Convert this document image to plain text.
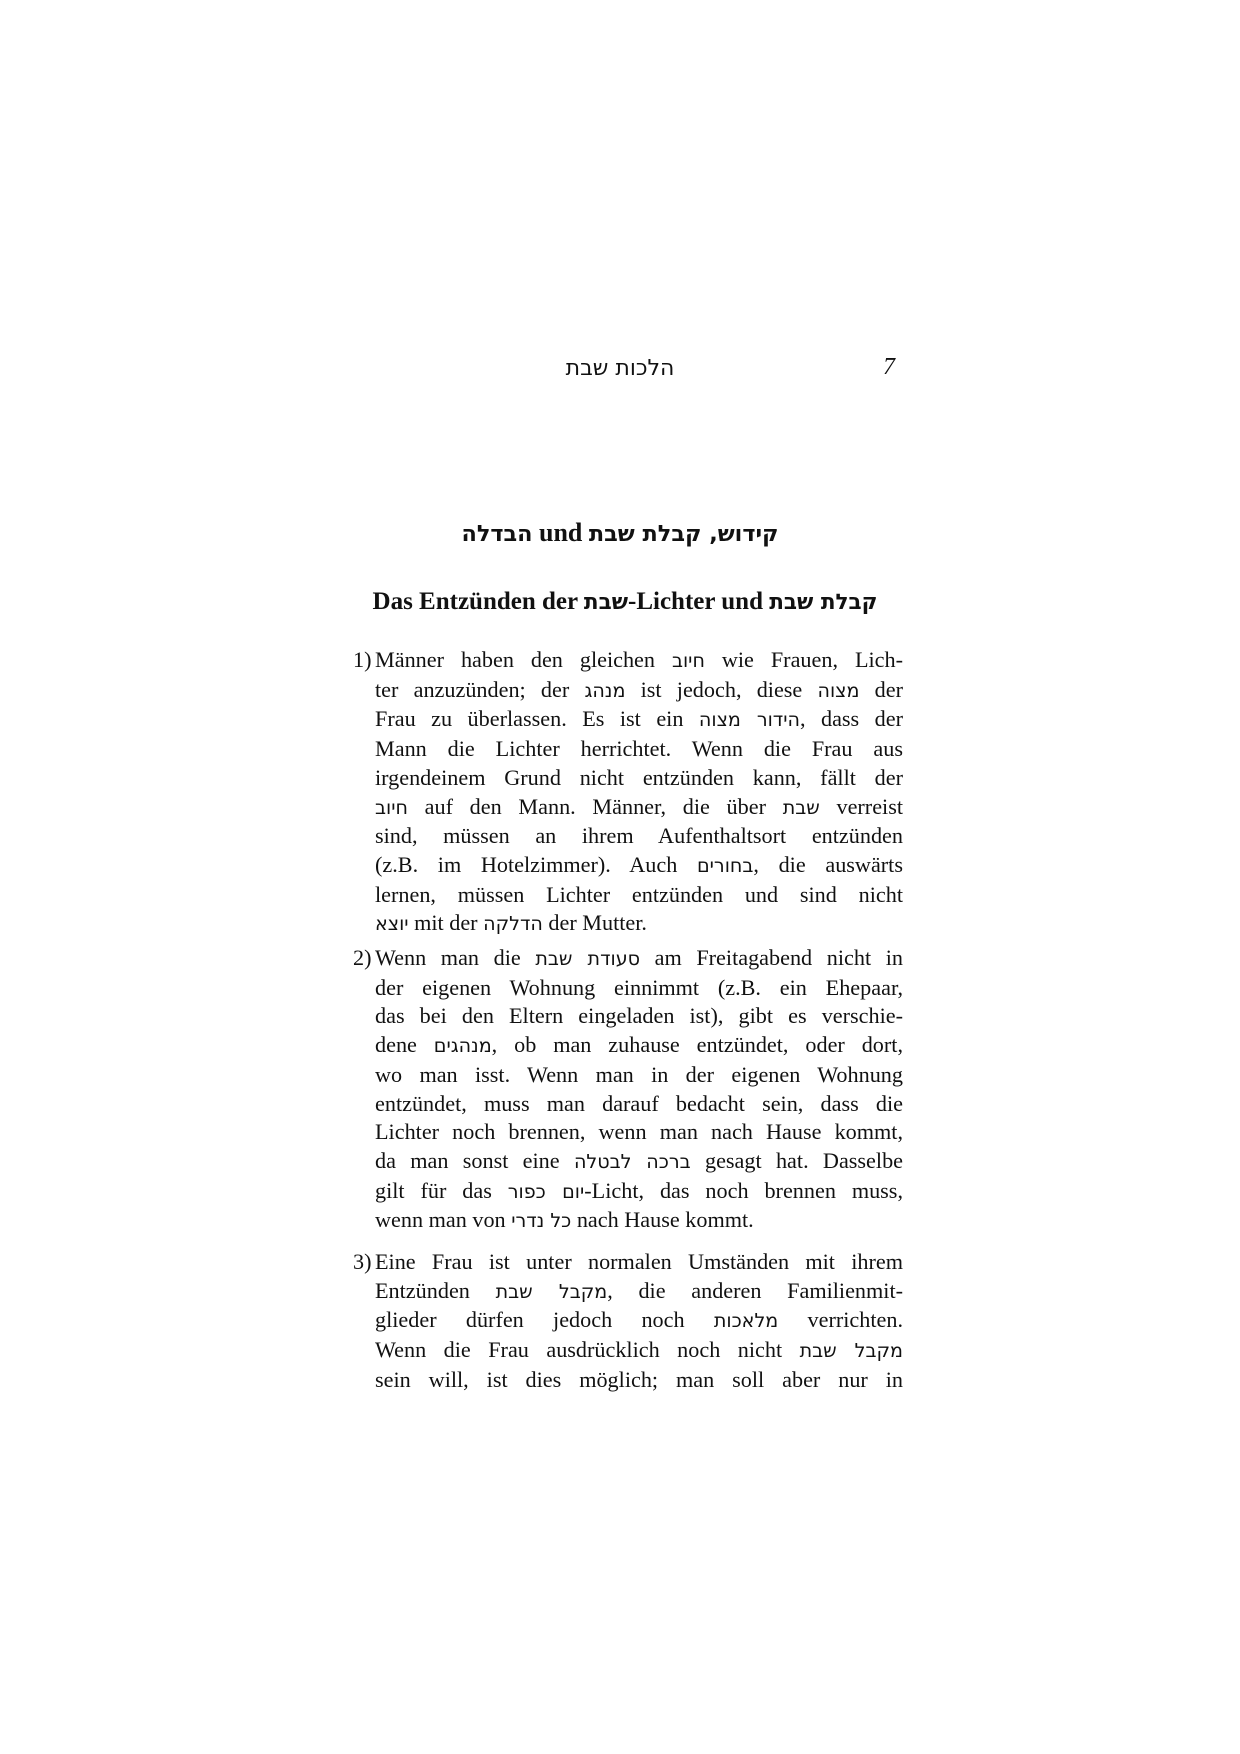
הלכות שבת	7
הבדלה und קידוש, קבלת שבת
Das Entzünden der שבת-Lichter und קבלת שבת
1) Männer haben den gleichen חיוב wie Frauen, Lich-
ter anzuzünden; der מנהג ist jedoch, diese מצוה der
Frau zu überlassen. Es ist ein הידור מצוה, dass der
Mann die Lichter herrichtet. Wenn die Frau aus
irgendeinem Grund nicht entzünden kann, fällt der
חיוב auf den Mann. Männer, die über שבת verreist
sind, müssen an ihrem Aufenthaltsort entzünden
(z.B. im Hotelzimmer). Auch בחורים, die auswärts
lernen, müssen Lichter entzünden und sind nicht
יוצא mit der הדלקה der Mutter.
2) Wenn man die סעודת שבת am Freitagabend nicht in
der eigenen Wohnung einnimmt (z.B. ein Ehepaar,
das bei den Eltern eingeladen ist), gibt es verschie-
dene מנהגים, ob man zuhause entzündet, oder dort,
wo man isst. Wenn man in der eigenen Wohnung
entzündet, muss man darauf bedacht sein, dass die
Lichter noch brennen, wenn man nach Hause kommt,
da man sonst eine ברכה לבטלה gesagt hat. Dasselbe
gilt für das יום כפור-Licht, das noch brennen muss,
wenn man von כל נדרי nach Hause kommt.
3) Eine Frau ist unter normalen Umständen mit ihrem
Entzünden מקבל שבת, die anderen Familienmit-
glieder dürfen jedoch noch מלאכות verrichten.
Wenn die Frau ausdrücklich noch nicht מקבל שבת
sein will, ist dies möglich; man soll aber nur in
